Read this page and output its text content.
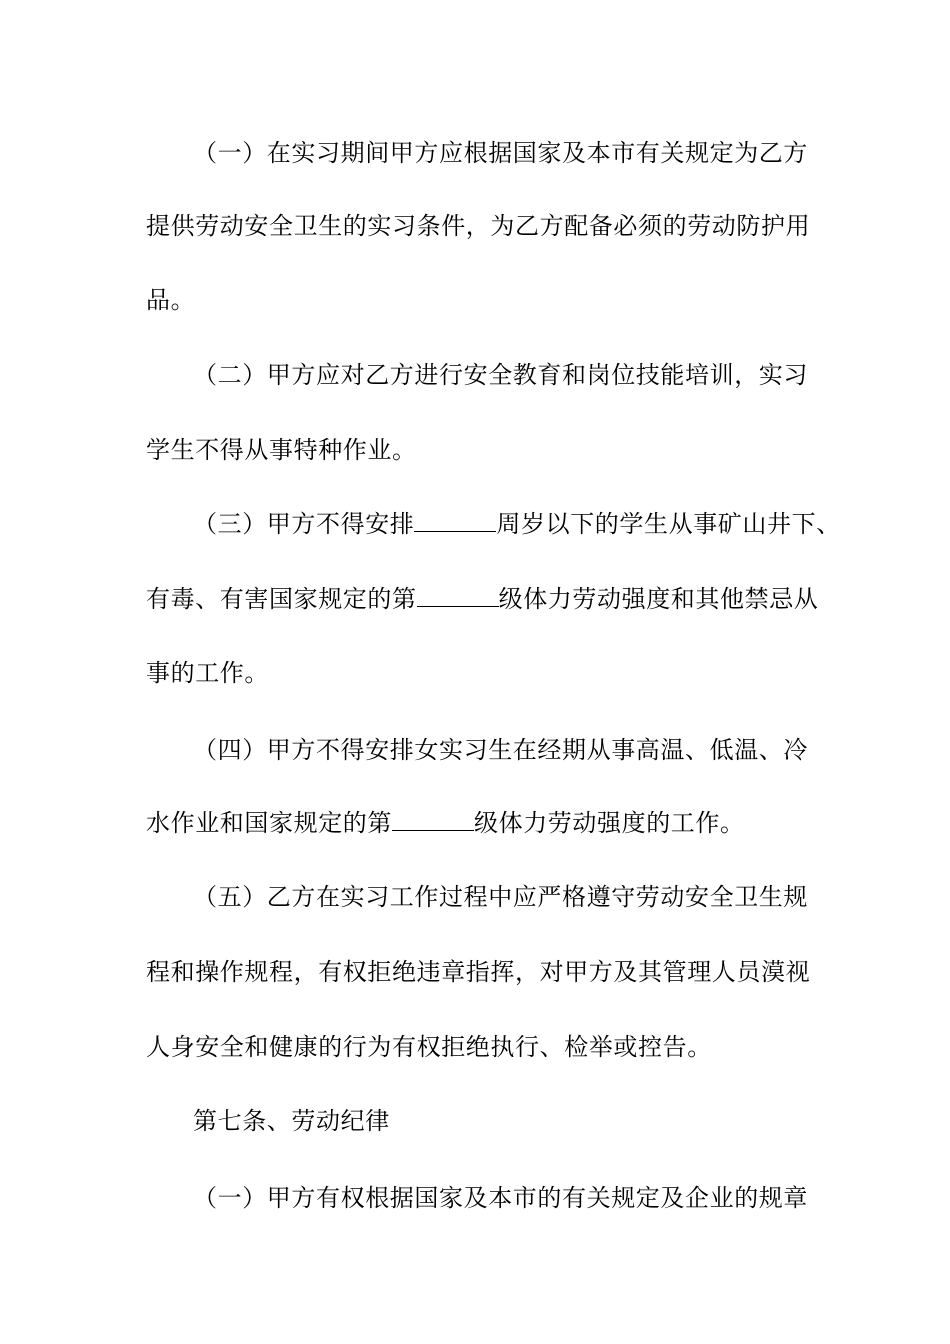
（一）在实习期间甲方应根据国家及本市有关规定为乙方
提供劳动安全卫生的实习条件，为乙方配备必须的劳动防护用
品。
（二）甲方应对乙方进行安全教育和岗位技能培训，实习
学生不得从事特种作业。
（三）甲方不得安排	周岁以下的学生从事矿山井下、
有毒、有害国家规定的第	级体力劳动强度和其他禁忌从
事的工作。
（四）甲方不得安排女实习生在经期从事高温、低温、冷
水作业和国家规定的第	级体力劳动强度的工作。
（五）乙方在实习工作过程中应严格遵守劳动安全卫生规
程和操作规程，有权拒绝违章指挥，对甲方及其管理人员漠视
人身安全和健康的行为有权拒绝执行、检举或控告。
第七条、劳动纪律
（一）甲方有权根据国家及本市的有关规定及企业的规章
